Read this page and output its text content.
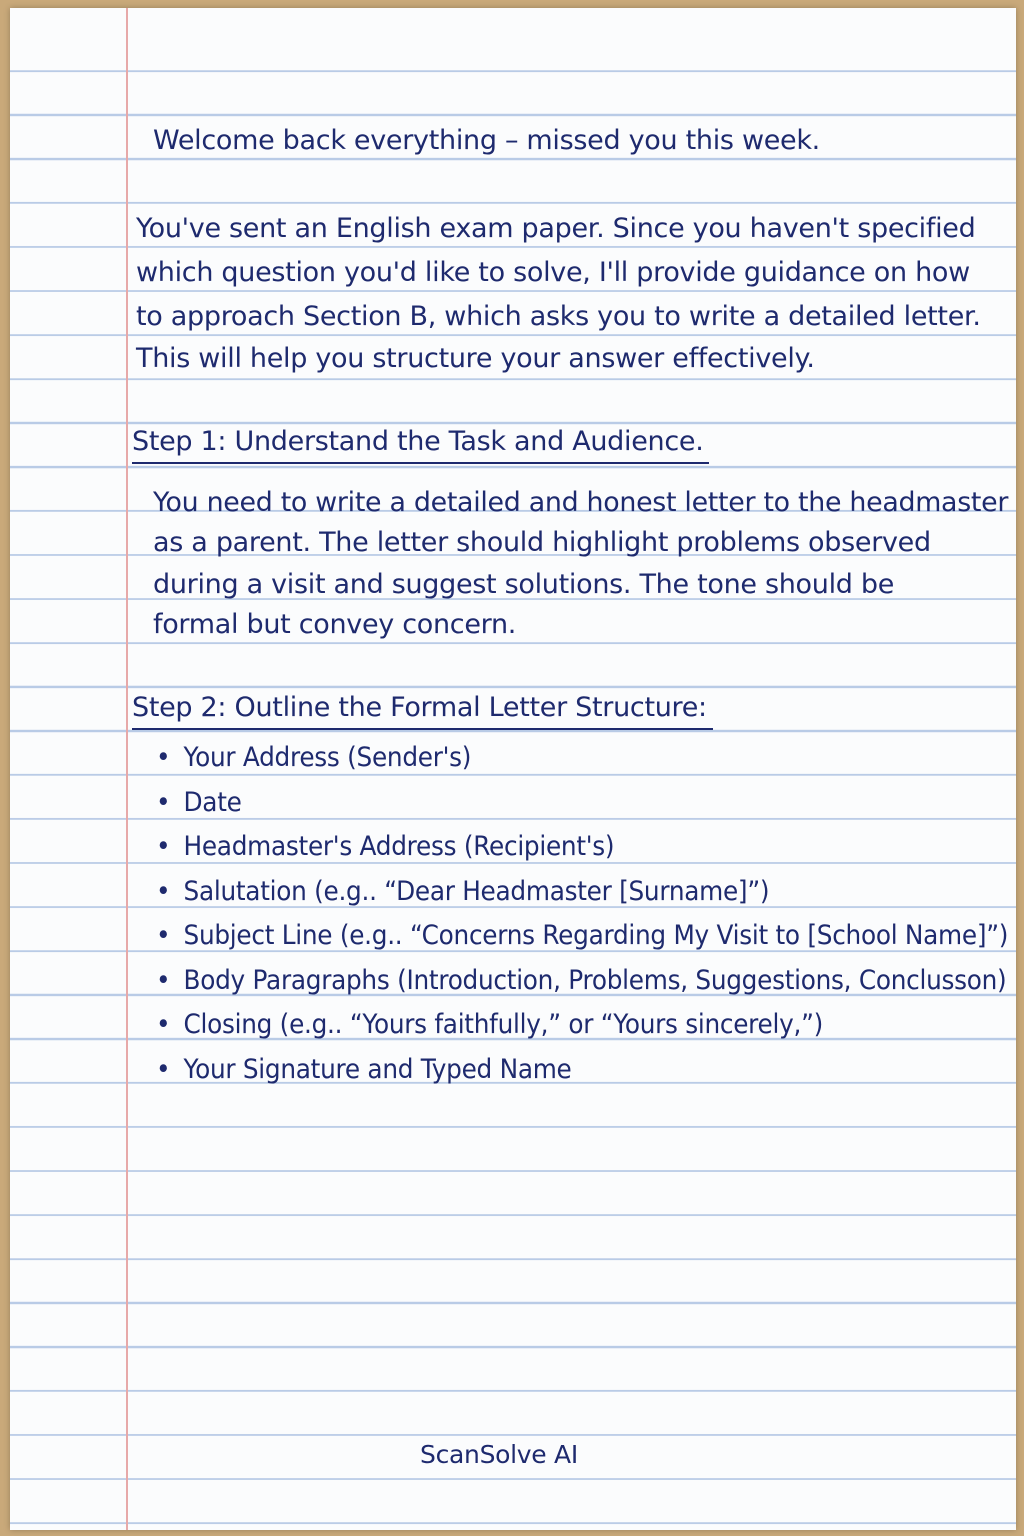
Welcome back everything – missed you this week.
You've sent an English exam paper. Since you haven't specified
which question you'd like to solve, I'll provide guidance on how
to approach Section B, which asks you to write a detailed letter.
This will help you structure your answer effectively.
Step 1: Understand the Task and Audience.
You need to write a detailed and honest letter to the headmaster
as a parent. The letter should highlight problems observed
during a visit and suggest solutions. The tone should be
formal but convey concern.
Step 2: Outline the Formal Letter Structure:
• Your Address (Sender's)
• Date
• Headmaster's Address (Recipient's)
• Salutation (e.g.. “Dear Headmaster [Surname]”)
• Subject Line (e.g.. “Concerns Regarding My Visit to [School Name]”)
• Body Paragraphs (Introduction, Problems, Suggestions, Conclusson)
• Closing (e.g.. “Yours faithfully,” or “Yours sincerely,”)
• Your Signature and Typed Name
ScanSolve AI
